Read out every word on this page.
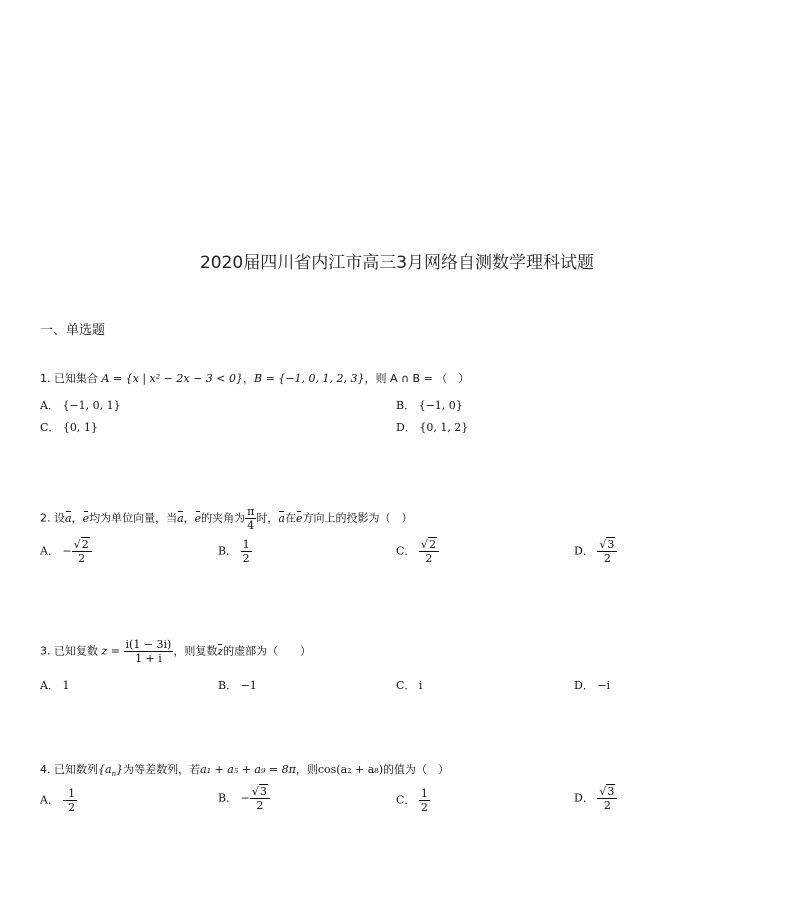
2020届四川省内江市高三3月网络自测数学理科试题
一、单选题
1. 已知集合 A = {x | x² − 2x − 3 < 0}，B = {−1, 0, 1, 2, 3}，则 A ∩ B = （　）
A． {−1, 0, 1}	B． {−1, 0}
C． {0, 1}	D． {0, 1, 2}
2. 设a，e均为单位向量，当a，e的夹角为 $\frac{\pi}{4}$ 时，a在e方向上的投影为（　）
A． − $\frac{√2}{2}$	B． $\frac{1}{2}$	C． $\frac{√2}{2}$	D． $\frac{√3}{2}$
3. 已知复数 $z = \frac{i(1 - 3i)}{1 + i}$ ，则复数z的虚部为（　　）
A． 1	B． −1	C． i	D． −i
4. 已知数列$\{a_n\}$为等差数列，若a₁ + a₅ + a₉ = 8π，则cos(a₂ + a₈)的值为（　）
A． - $\frac{1}{2}$	B． − $\frac{√3}{2}$	C． $\frac{1}{2}$	D． $\frac{√3}{2}$
